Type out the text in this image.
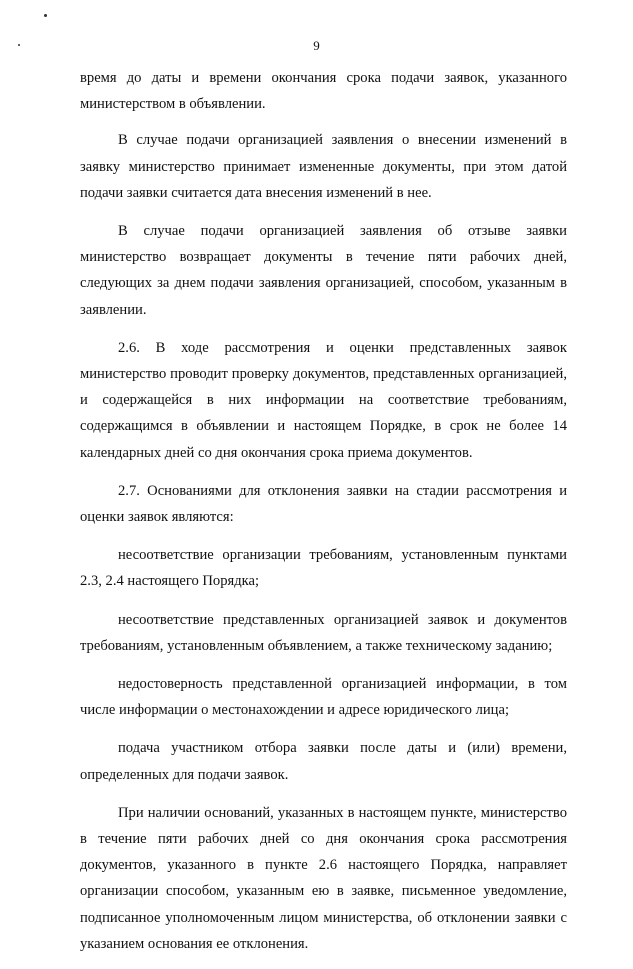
9

время до даты и времени окончания срока подачи заявок, указанного министерством в объявлении.

В случае подачи организацией заявления о внесении изменений в заявку министерство принимает измененные документы, при этом датой подачи заявки считается дата внесения изменений в нее.

В случае подачи организацией заявления об отзыве заявки министерство возвращает документы в течение пяти рабочих дней, следующих за днем подачи заявления организацией, способом, указанным в заявлении.

2.6. В ходе рассмотрения и оценки представленных заявок министерство проводит проверку документов, представленных организацией, и содержащейся в них информации на соответствие требованиям, содержащимся в объявлении и настоящем Порядке, в срок не более 14 календарных дней со дня окончания срока приема документов.

2.7. Основаниями для отклонения заявки на стадии рассмотрения и оценки заявок являются:

несоответствие организации требованиям, установленным пунктами 2.3, 2.4 настоящего Порядка;

несоответствие представленных организацией заявок и документов требованиям, установленным объявлением, а также техническому заданию;

недостоверность представленной организацией информации, в том числе информации о местонахождении и адресе юридического лица;

подача участником отбора заявки после даты и (или) времени, определенных для подачи заявок.

При наличии оснований, указанных в настоящем пункте, министерство в течение пяти рабочих дней со дня окончания срока рассмотрения документов, указанного в пункте 2.6 настоящего Порядка, направляет организации способом, указанным ею в заявке, письменное уведомление, подписанное уполномоченным лицом министерства, об отклонении заявки с указанием основания ее отклонения.
